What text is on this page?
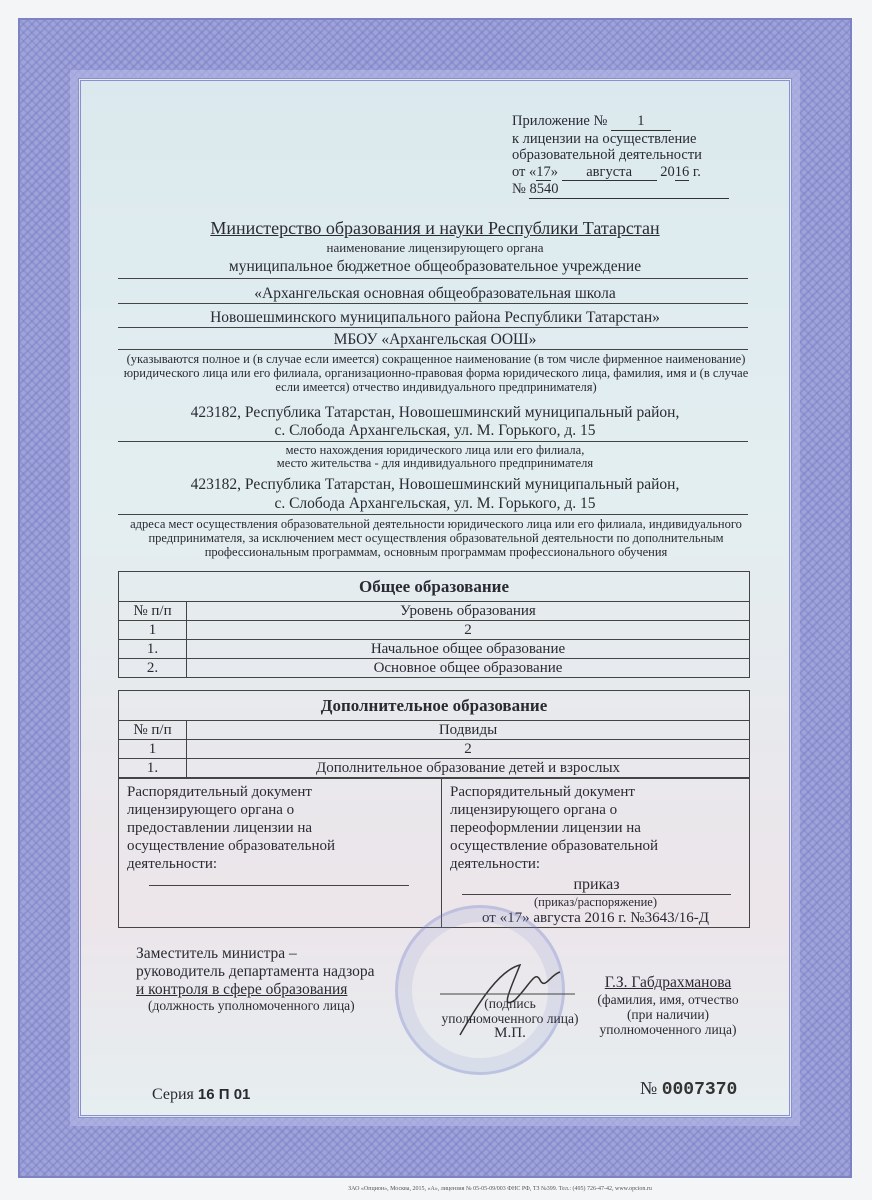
Приложение № 1
к лицензии на осуществление
образовательной деятельности
от «17» августа 2016 г.
№ 8540
Министерство образования и науки Республики Татарстан
наименование лицензирующего органа
муниципальное бюджетное общеобразовательное учреждение
«Архангельская основная общеобразовательная школа
Новошешминского муниципального района Республики Татарстан»
МБОУ «Архангельская ООШ»
(указываются полное и (в случае если имеется) сокращенное наименование (в том числе фирменное наименование) юридического лица или его филиала, организационно-правовая форма юридического лица, фамилия, имя и (в случае если имеется) отчество индивидуального предпринимателя)
423182, Республика Татарстан, Новошешминский муниципальный район,
с. Слобода Архангельская, ул. М. Горького, д. 15
место нахождения юридического лица или его филиала,
место жительства - для индивидуального предпринимателя
423182, Республика Татарстан, Новошешминский муниципальный район,
с. Слобода Архангельская, ул. М. Горького, д. 15
адреса мест осуществления образовательной деятельности юридического лица или его филиала, индивидуального предпринимателя, за исключением мест осуществления образовательной деятельности по дополнительным профессиональным программам, основным программам профессионального обучения
Общее образование	
№ п/п	Уровень образования
1	2
1.	Начальное общее образование
2.	Основное общее образование
Дополнительное образование	
№ п/п	Подвиды
1	2
1.	Дополнительное образование детей и взрослых
Распорядительный документ лицензирующего органа о предоставлении лицензии на осуществление образовательной деятельности:
Распорядительный документ лицензирующего органа о переоформлении лицензии на осуществление образовательной деятельности:
приказ
(приказ/распоряжение)
от «17» августа 2016 г. №3643/16-Д
Заместитель министра –
руководитель департамента надзора
и контроля в сфере образования
(должность уполномоченного лица)	(подпись
уполномоченного лица)
М.П.
Г.З. Габдрахманова
(фамилия, имя, отчество
(при наличии)
уполномоченного лица)
Серия 16 П 01	№ 0007370
ЗАО «Опцион», Москва, 2015, «А», лицензия № 05-05-09/003 ФНС РФ, ТЗ №399. Тел.: (495) 726-47-42, www.opcion.ru
